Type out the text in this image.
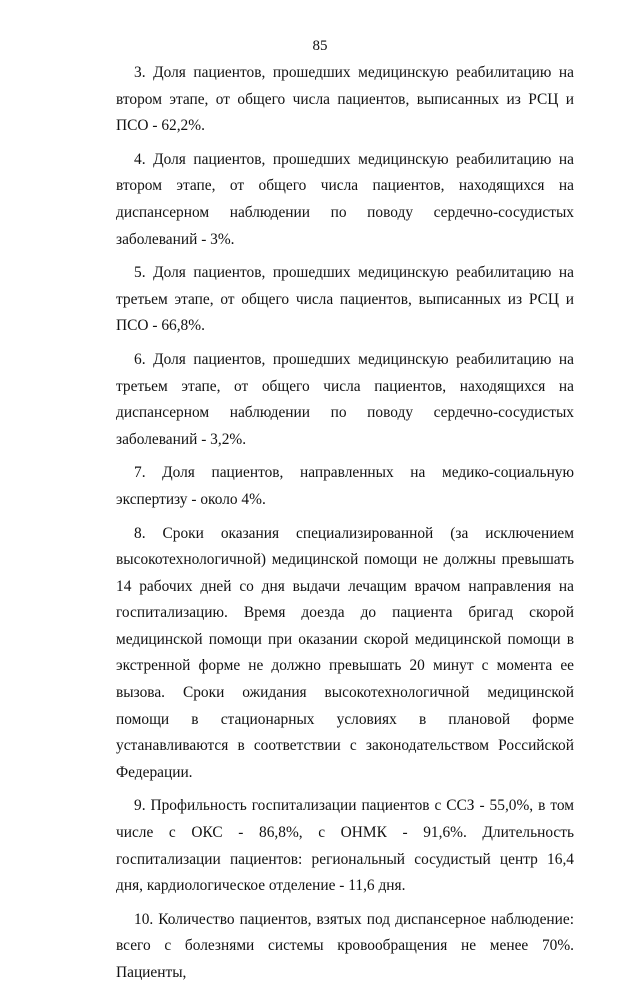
85

3. Доля пациентов, прошедших медицинскую реабилитацию на втором этапе, от общего числа пациентов, выписанных из РСЦ и ПСО - 62,2%.

4. Доля пациентов, прошедших медицинскую реабилитацию на втором этапе, от общего числа пациентов, находящихся на диспансерном наблюдении по поводу сердечно-сосудистых заболеваний - 3%.

5. Доля пациентов, прошедших медицинскую реабилитацию на третьем этапе, от общего числа пациентов, выписанных из РСЦ и ПСО - 66,8%.

6. Доля пациентов, прошедших медицинскую реабилитацию на третьем этапе, от общего числа пациентов, находящихся на диспансерном наблюдении по поводу сердечно-сосудистых заболеваний - 3,2%.

7. Доля пациентов, направленных на медико-социальную экспертизу - около 4%.

8. Сроки оказания специализированной (за исключением высокотехнологичной) медицинской помощи не должны превышать 14 рабочих дней со дня выдачи лечащим врачом направления на госпитализацию. Время доезда до пациента бригад скорой медицинской помощи при оказании скорой медицинской помощи в экстренной форме не должно превышать 20 минут с момента ее вызова. Сроки ожидания высокотехнологичной медицинской помощи в стационарных условиях в плановой форме устанавливаются в соответствии с законодательством Российской Федерации.

9. Профильность госпитализации пациентов с ССЗ - 55,0%, в том числе с ОКС - 86,8%, с ОНМК - 91,6%. Длительность госпитализации пациентов: региональный сосудистый центр 16,4 дня, кардиологическое отделение - 11,6 дня.

10. Количество пациентов, взятых под диспансерное наблюдение: всего с болезнями системы кровообращения не менее 70%. Пациенты,
